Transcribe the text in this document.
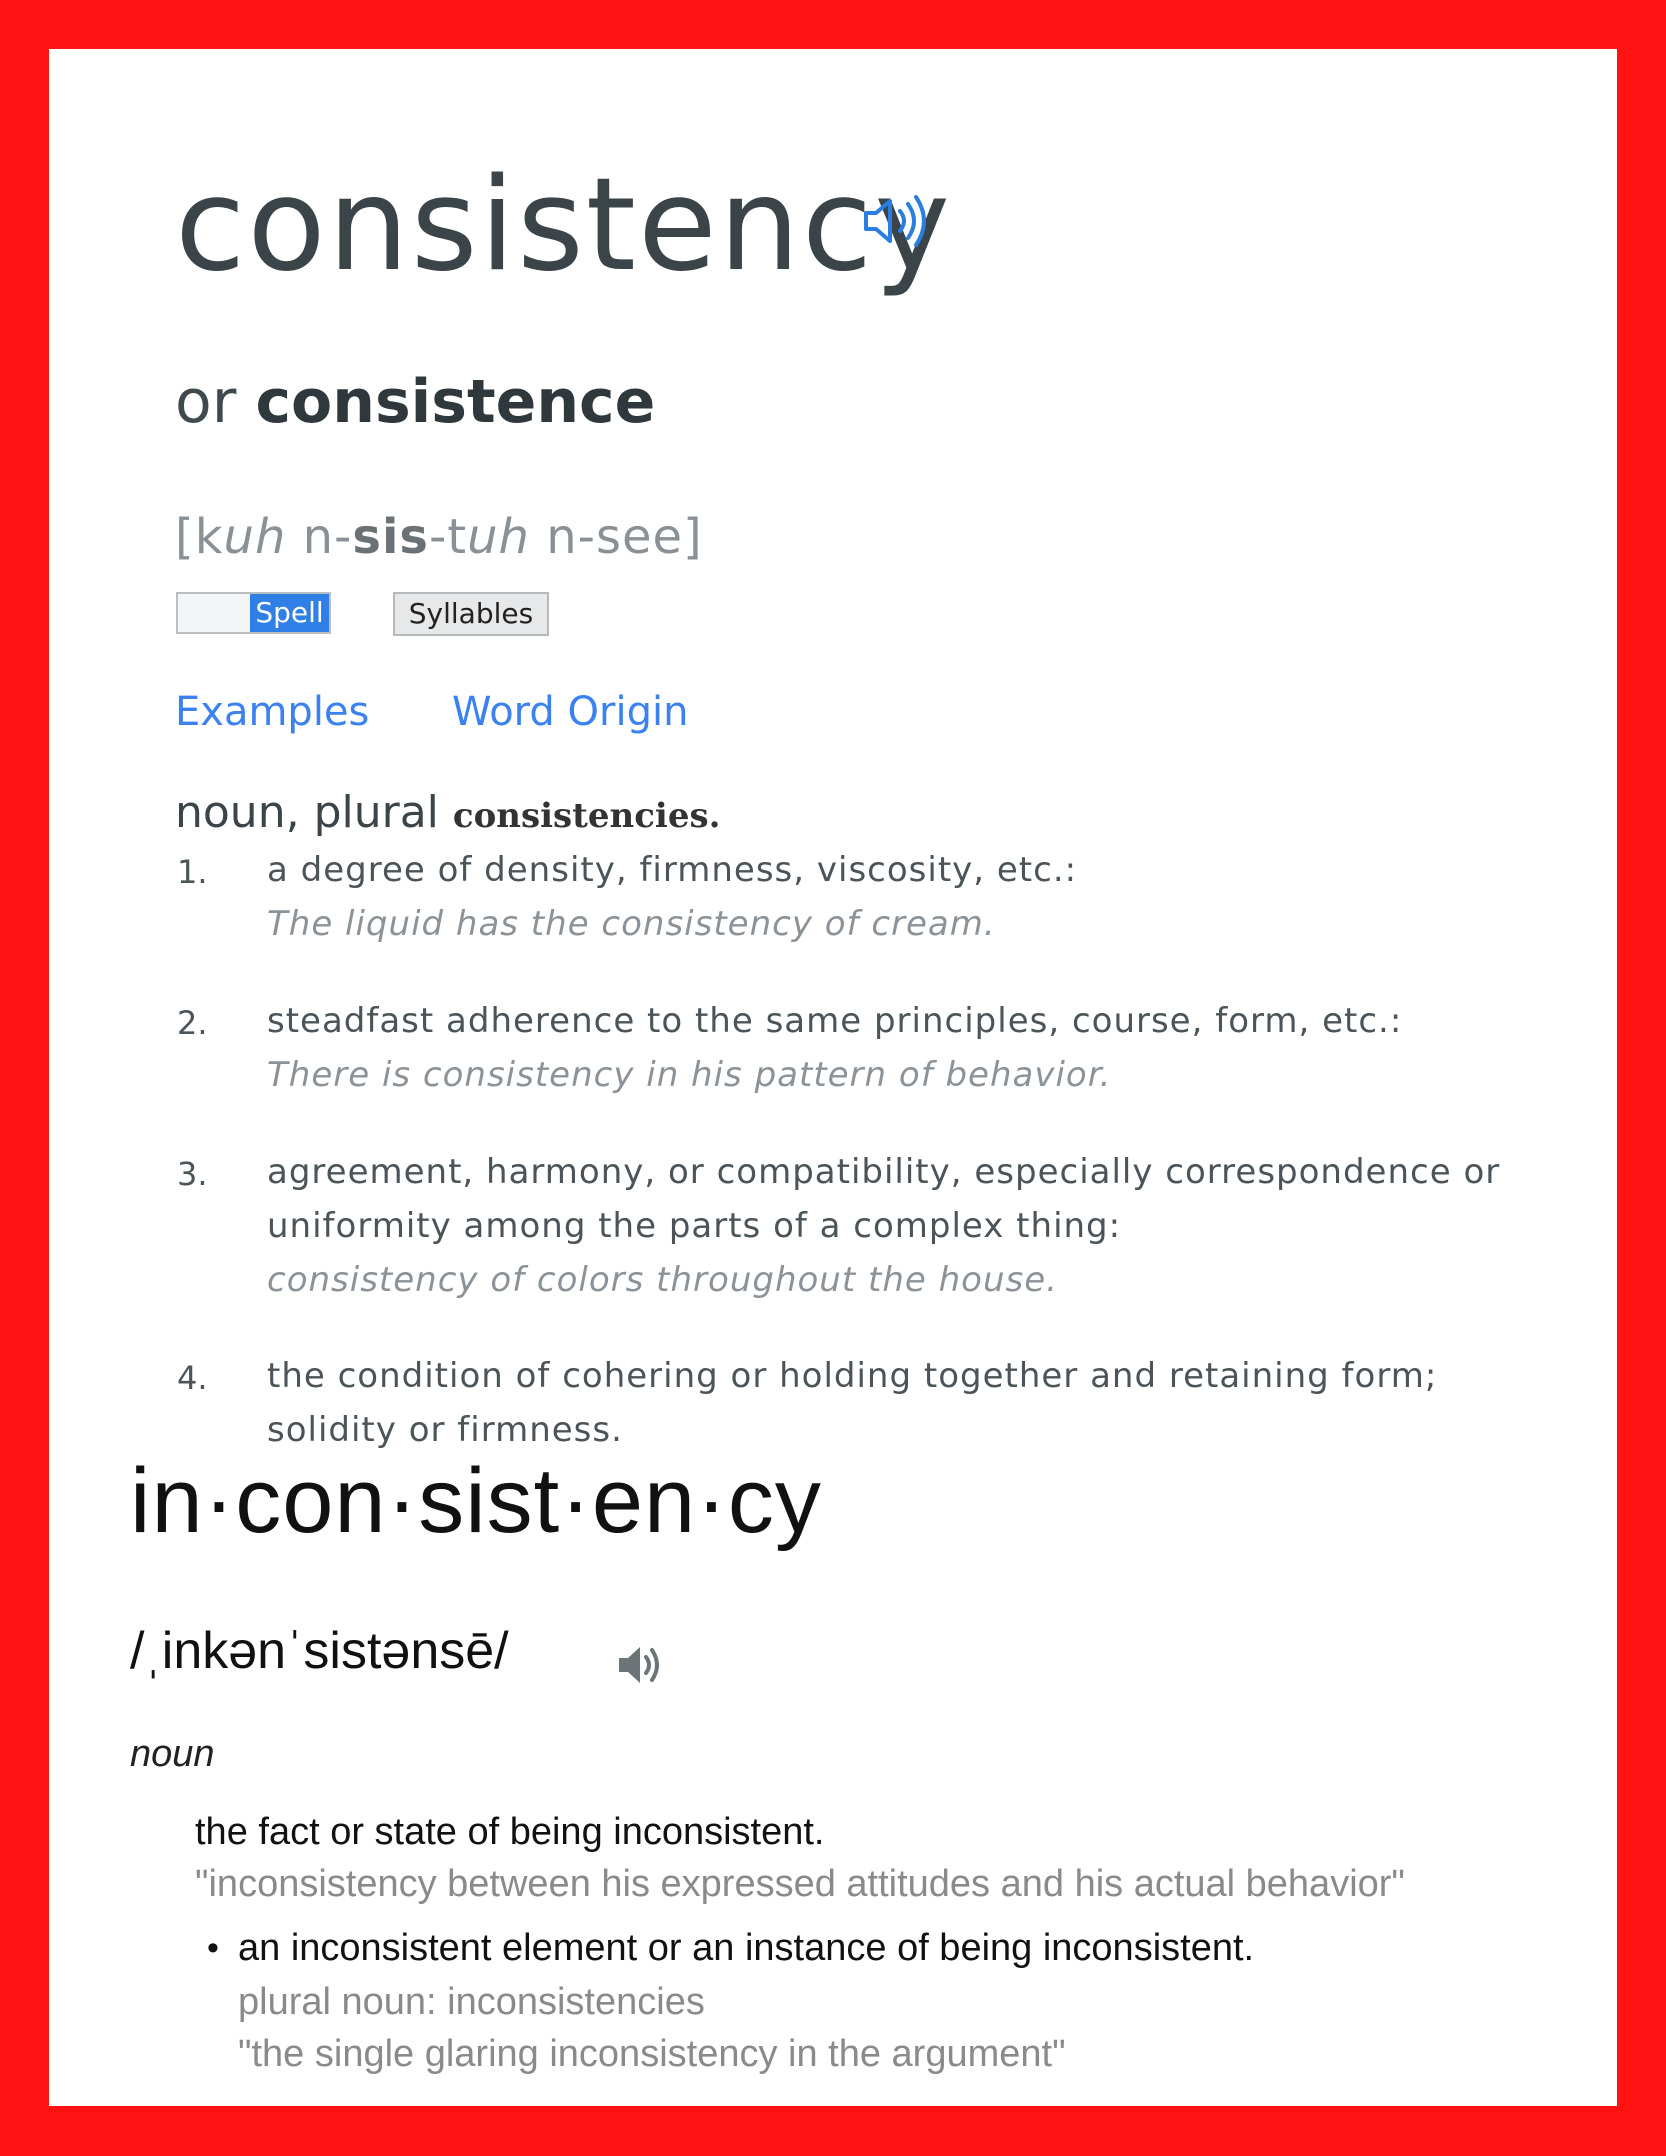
consistency
or consistence
[kuh n-sis-tuh n-see]
Spell	Syllables
Examples Word Origin
noun, plural consistencies.
1. a degree of density, firmness, viscosity, etc.:
The liquid has the consistency of cream.
2. steadfast adherence to the same principles, course, form, etc.:
There is consistency in his pattern of behavior.
3. agreement, harmony, or compatibility, especially correspondence or
uniformity among the parts of a complex thing:
consistency of colors throughout the house.
4. the condition of cohering or holding together and retaining form;
solidity or firmness.
in·con·sist·en·cy
/ˌinkənˈsistənsē/
noun
the fact or state of being inconsistent.
"inconsistency between his expressed attitudes and his actual behavior"
• an inconsistent element or an instance of being inconsistent.
plural noun: inconsistencies
"the single glaring inconsistency in the argument"
